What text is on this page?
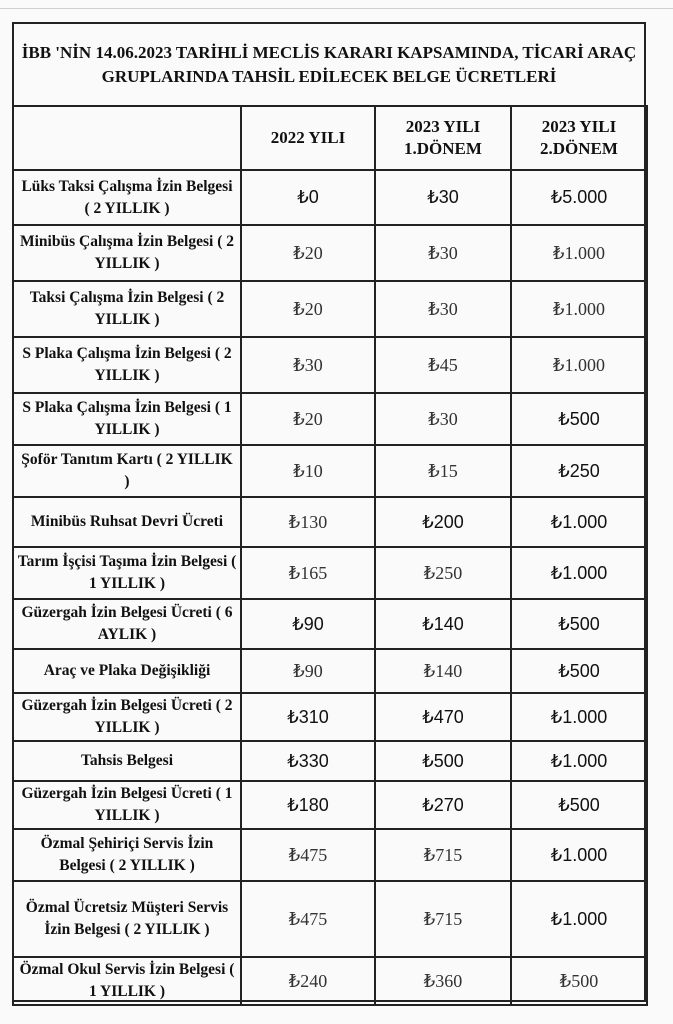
İBB 'NİN 14.06.2023 TARİHLİ MECLİS KARARI KAPSAMINDA, TİCARİ ARAÇ GRUPLARINDA TAHSİL EDİLECEK BELGE ÜCRETLERİ
	2022 YILI	2023 YILI 1.DÖNEM	2023 YILI 2.DÖNEM
Lüks Taksi Çalışma İzin Belgesi ( 2 YILLIK )	₺0	₺30	₺5.000
Minibüs Çalışma İzin Belgesi ( 2 YILLIK )	₺20	₺30	₺1.000
Taksi Çalışma İzin Belgesi ( 2 YILLIK )	₺20	₺30	₺1.000
S Plaka Çalışma İzin Belgesi ( 2 YILLIK )	₺30	₺45	₺1.000
S Plaka Çalışma İzin Belgesi ( 1 YILLIK )	₺20	₺30	₺500
Şoför Tanıtım Kartı ( 2 YILLIK )	₺10	₺15	₺250
Minibüs Ruhsat Devri Ücreti	₺130	₺200	₺1.000
Tarım İşçisi Taşıma İzin Belgesi ( 1 YILLIK )	₺165	₺250	₺1.000
Güzergah İzin Belgesi Ücreti ( 6 AYLIK )	₺90	₺140	₺500
Araç ve Plaka Değişikliği	₺90	₺140	₺500
Güzergah İzin Belgesi Ücreti ( 2 YILLIK )	₺310	₺470	₺1.000
Tahsis Belgesi	₺330	₺500	₺1.000
Güzergah İzin Belgesi Ücreti ( 1 YILLIK )	₺180	₺270	₺500
Özmal Şehiriçi Servis İzin Belgesi ( 2 YILLIK )	₺475	₺715	₺1.000
Özmal Ücretsiz Müşteri Servis İzin Belgesi ( 2 YILLIK )	₺475	₺715	₺1.000
Özmal Okul Servis İzin Belgesi ( 1 YILLIK )	₺240	₺360	₺500
